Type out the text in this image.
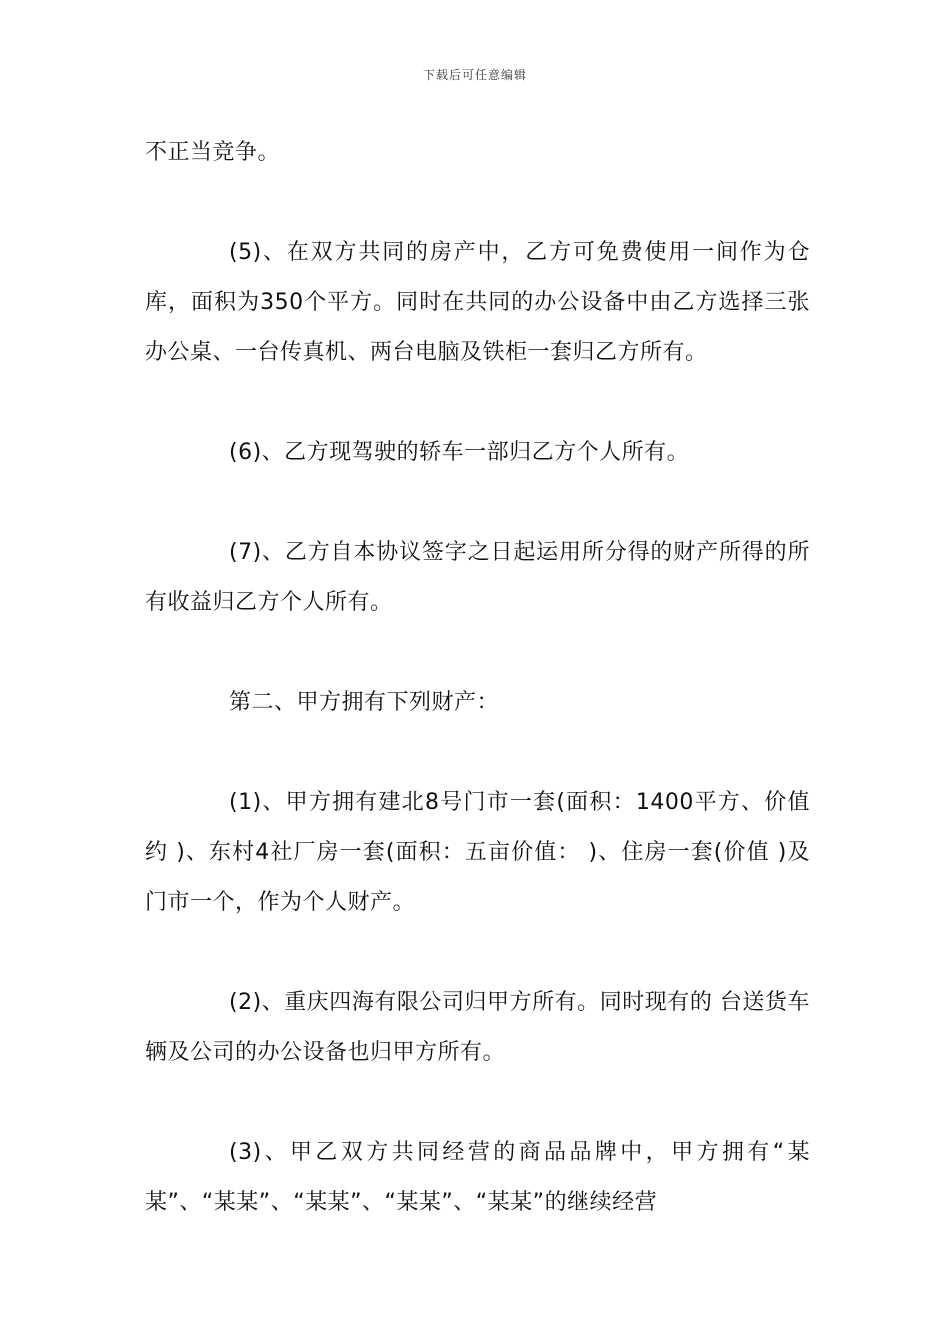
下载后可任意编辑

不正当竞争。

(5)、在双方共同的房产中，乙方可免费使用一间作为仓库，面积为350个平方。同时在共同的办公设备中由乙方选择三张办公桌、一台传真机、两台电脑及铁柜一套归乙方所有。

(6)、乙方现驾驶的轿车一部归乙方个人所有。

(7)、乙方自本协议签字之日起运用所分得的财产所得的所有收益归乙方个人所有。

第二、甲方拥有下列财产：

(1)、甲方拥有建北8号门市一套(面积：1400平方、价值约 )、东村4社厂房一套(面积：五亩价值： )、住房一套(价值 )及门市一个，作为个人财产。

(2)、重庆四海有限公司归甲方所有。同时现有的 台送货车辆及公司的办公设备也归甲方所有。

(3)、甲乙双方共同经营的商品品牌中，甲方拥有“某某”、“某某”、“某某”、“某某”、“某某”的继续经营
